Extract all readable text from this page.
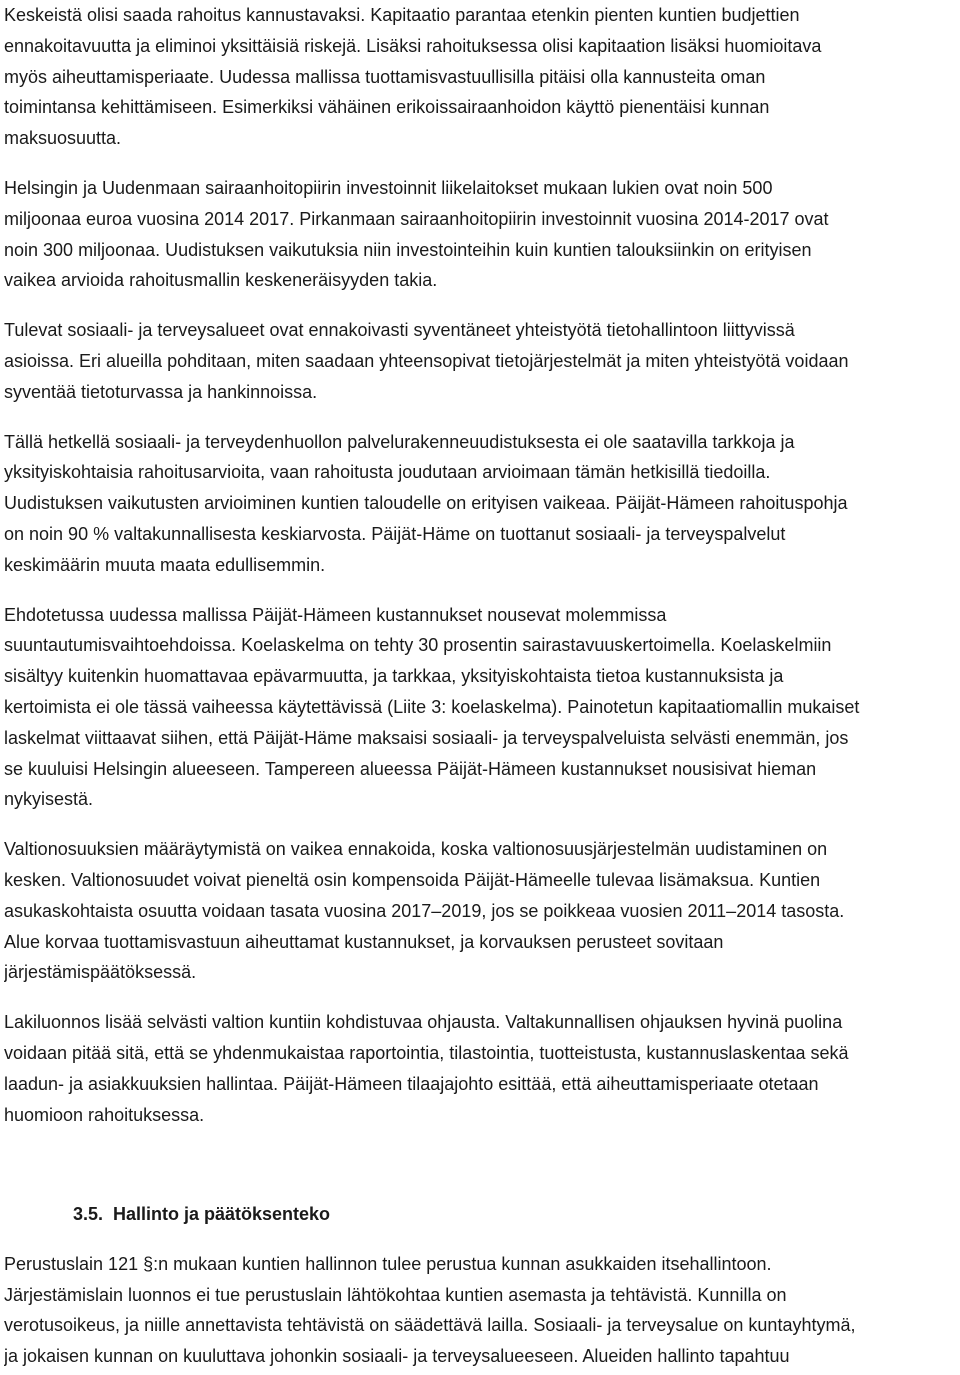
Keskeistä olisi saada rahoitus kannustavaksi. Kapitaatio parantaa etenkin pienten kuntien budjettien
ennakoitavuutta ja eliminoi yksittäisiä riskejä. Lisäksi rahoituksessa olisi kapitaation lisäksi huomioitava
myös aiheuttamisperiaate. Uudessa mallissa tuottamisvastuullisilla pitäisi olla kannusteita oman
toimintansa kehittämiseen. Esimerkiksi vähäinen erikoissairaanhoidon käyttö pienentäisi kunnan
maksuosuutta.
Helsingin ja Uudenmaan sairaanhoitopiirin investoinnit liikelaitokset mukaan lukien ovat noin 500
miljoonaa euroa vuosina 2014 2017. Pirkanmaan sairaanhoitopiirin investoinnit vuosina 2014-2017 ovat
noin 300 miljoonaa. Uudistuksen vaikutuksia niin investointeihin kuin kuntien talouksiinkin on erityisen
vaikea arvioida rahoitusmallin keskeneräisyyden takia.
Tulevat sosiaali- ja terveysalueet ovat ennakoivasti syventäneet yhteistyötä tietohallintoon liittyvissä
asioissa. Eri alueilla pohditaan, miten saadaan yhteensopivat tietojärjestelmät ja miten yhteistyötä voidaan
syventää tietoturvassa ja hankinnoissa.
Tällä hetkellä sosiaali- ja terveydenhuollon palvelurakenneuudistuksesta ei ole saatavilla tarkkoja ja
yksityiskohtaisia rahoitusarvioita, vaan rahoitusta joudutaan arvioimaan tämän hetkisillä tiedoilla.
Uudistuksen vaikutusten arvioiminen kuntien taloudelle on erityisen vaikeaa. Päijät-Hämeen rahoituspohja
on noin 90 % valtakunnallisesta keskiarvosta. Päijät-Häme on tuottanut sosiaali- ja terveyspalvelut
keskimäärin muuta maata edullisemmin.
Ehdotetussa uudessa mallissa Päijät-Hämeen kustannukset nousevat molemmissa
suuntautumisvaihtoehdoissa. Koelaskelma on tehty 30 prosentin sairastavuuskertoimella. Koelaskelmiin
sisältyy kuitenkin huomattavaa epävarmuutta, ja tarkkaa, yksityiskohtaista tietoa kustannuksista ja
kertoimista ei ole tässä vaiheessa käytettävissä (Liite 3: koelaskelma). Painotetun kapitaatiomallin mukaiset
laskelmat viittaavat siihen, että Päijät-Häme maksaisi sosiaali- ja terveyspalveluista selvästi enemmän, jos
se kuuluisi Helsingin alueeseen. Tampereen alueessa Päijät-Hämeen kustannukset nousisivat hieman
nykyisestä.
Valtionosuuksien määräytymistä on vaikea ennakoida, koska valtionosuusjärjestelmän uudistaminen on
kesken. Valtionosuudet voivat pieneltä osin kompensoida Päijät-Hämeelle tulevaa lisämaksua. Kuntien
asukaskohtaista osuutta voidaan tasata vuosina 2017–2019, jos se poikkeaa vuosien 2011–2014 tasosta.
Alue korvaa tuottamisvastuun aiheuttamat kustannukset, ja korvauksen perusteet sovitaan
järjestämispäätöksessä.
Lakiluonnos lisää selvästi valtion kuntiin kohdistuvaa ohjausta. Valtakunnallisen ohjauksen hyvinä puolina
voidaan pitää sitä, että se yhdenmukaistaa raportointia, tilastointia, tuotteistusta, kustannuslaskentaa sekä
laadun- ja asiakkuuksien hallintaa. Päijät-Hämeen tilaajajohto esittää, että aiheuttamisperiaate otetaan
huomioon rahoituksessa.
3.5. Hallinto ja päätöksenteko
Perustuslain 121 §:n mukaan kuntien hallinnon tulee perustua kunnan asukkaiden itsehallintoon.
Järjestämislain luonnos ei tue perustuslain lähtökohtaa kuntien asemasta ja tehtävistä. Kunnilla on
verotusoikeus, ja niille annettavista tehtävistä on säädettävä lailla. Sosiaali- ja terveysalue on kuntayhtymä,
ja jokaisen kunnan on kuuluttava johonkin sosiaali- ja terveysalueeseen. Alueiden hallinto tapahtuu
